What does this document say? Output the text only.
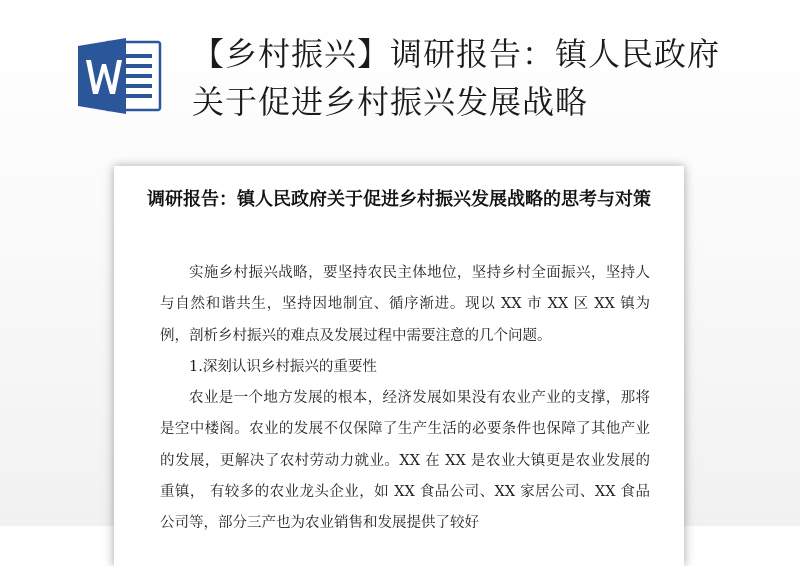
【乡村振兴】调研报告：镇人民政府关于促进乡村振兴发展战略
调研报告：镇人民政府关于促进乡村振兴发展战略的思考与对策

实施乡村振兴战略，要坚持农民主体地位，坚持乡村全面振兴，坚持人与自然和谐共生，坚持因地制宜、循序渐进。现以 XX 市 XX 区 XX 镇为例，剖析乡村振兴的难点及发展过程中需要注意的几个问题。

1.深刻认识乡村振兴的重要性

农业是一个地方发展的根本，经济发展如果没有农业产业的支撑，那将是空中楼阁。农业的发展不仅保障了生产生活的必要条件也保障了其他产业的发展，更解决了农村劳动力就业。XX 在 XX 是农业大镇更是农业发展的重镇， 有较多的农业龙头企业，如 XX 食品公司、XX 家居公司、XX 食品公司等，部分三产也为农业销售和发展提供了较好
